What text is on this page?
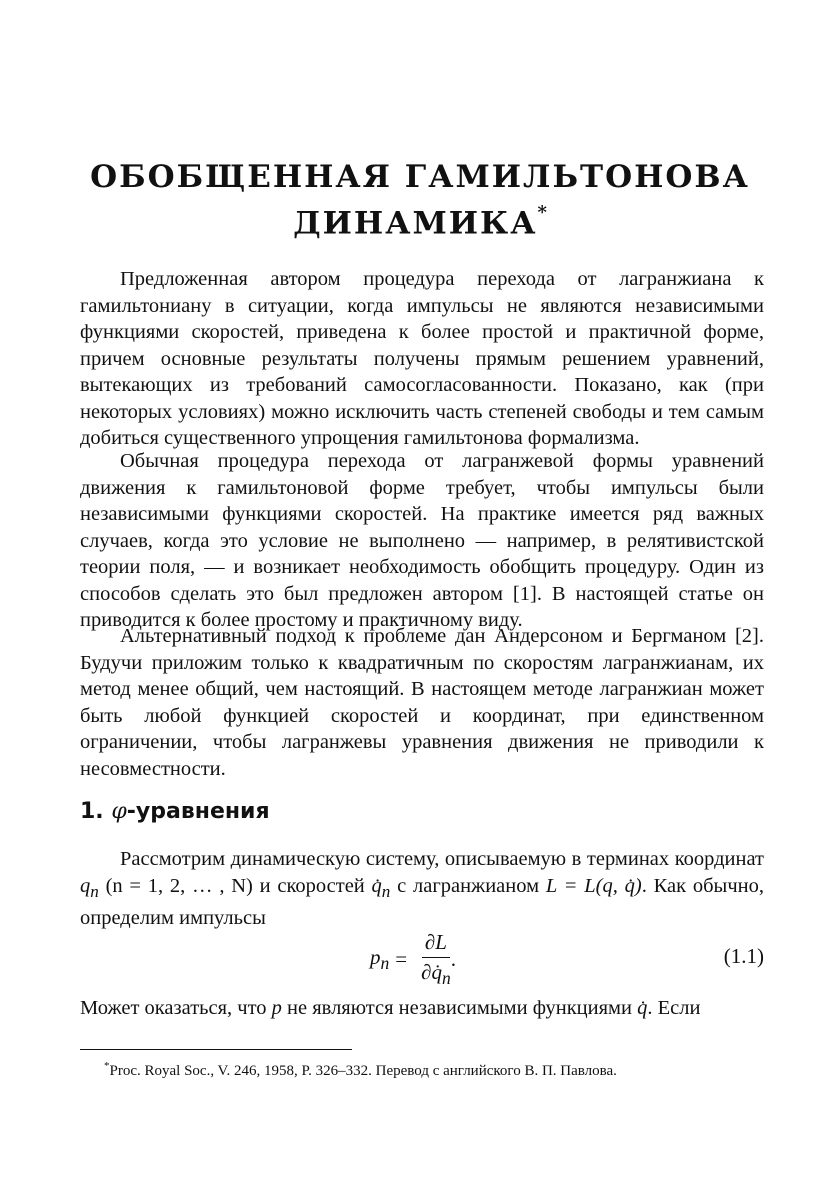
ОБОБЩЕННАЯ ГАМИЛЬТОНОВА
ДИНАМИКА*

Предложенная автором процедура перехода от лагранжиана к гамильтониану в ситуации, когда импульсы не являются независимыми функциями скоростей, приведена к более простой и практичной форме, причем основные результаты получены прямым решением уравнений, вытекающих из требований самосогласованности. Показано, как (при некоторых условиях) можно исключить часть степеней свободы и тем самым добиться существенного упрощения гамильтонова формализма.

Обычная процедура перехода от лагранжевой формы уравнений движения к гамильтоновой форме требует, чтобы импульсы были независимыми функциями скоростей. На практике имеется ряд важных случаев, когда это условие не выполнено — например, в релятивистской теории поля, — и возникает необходимость обобщить процедуру. Один из способов сделать это был предложен автором [1]. В настоящей статье он приводится к более простому и практичному виду.

Альтернативный подход к проблеме дан Андерсоном и Бергманом [2]. Будучи приложим только к квадратичным по скоростям лагранжианам, их метод менее общий, чем настоящий. В настоящем методе лагранжиан может быть любой функцией скоростей и координат, при единственном ограничении, чтобы лагранжевы уравнения движения не приводили к несовместности.

1. φ-уравнения

Рассмотрим динамическую систему, описываемую в терминах координат $q_n$ (n = 1, 2, … , N) и скоростей $q̇_n$ с лагранжианом L = L(q, q̇). Как обычно, определим импульсы

$p_n = \frac{\partial L}{\partial q̇_n}$ .	(1.1)

Может оказаться, что p не являются независимыми функциями q̇. Если

*Proc. Royal Soc., V. 246, 1958, P. 326–332. Перевод с английского В. П. Павлова.
